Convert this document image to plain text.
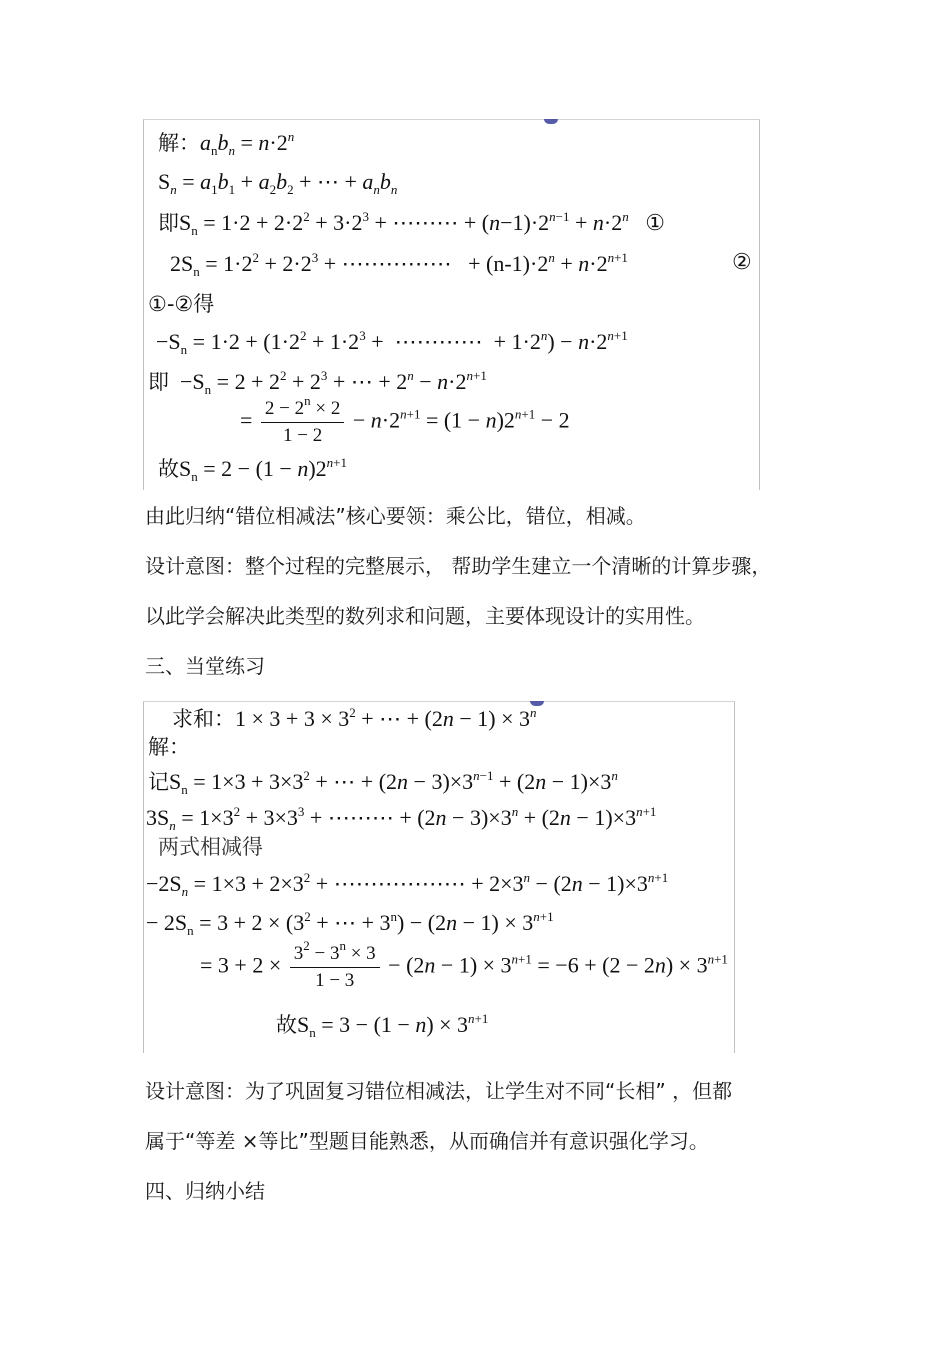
解：$a_nb_n = n\cdot 2^n$
$S_n = a_1b_1 + a_2b_2$ + ⋯ + $a_nb_n$
即$S_n = 1\cdot 2 + 2\cdot 2^2 + 3\cdot 2^3$ + ⋯⋯⋯ + $(n-1)\cdot 2^{n-1} + n\cdot 2^n$   ①
$2S_n = 1\cdot 2^2 + 2\cdot 2^3$ + ⋯⋯⋯⋯⋯   + $(n-1)\cdot 2^n + n\cdot 2^{n+1}$	②
①-②得
$-S_n = 1\cdot 2 + (1\cdot 2^2 + 1\cdot 2^3$ +  ⋯⋯⋯⋯  + $1\cdot 2^n) - n\cdot 2^{n+1}$
即  $-S_n = 2 + 2^2 + 2^3$ + ⋯ + $2^n - n\cdot 2^{n+1}$
= $\frac{2 - 2^n \times 2}{1 - 2} - n\cdot 2^{n+1} = (1 - n)2^{n+1} - 2$
故$S_n = 2 - (1 - n)2^{n+1}$
由此归纳“错位相减法”核心要领：乘公比，错位，相减。
设计意图：整个过程的完整展示， 帮助学生建立一个清晰的计算步骤，
以此学会解决此类型的数列求和问题，主要体现设计的实用性。
三、当堂练习
求和：$1 \times 3 + 3 \times 3^2$ + ⋯ + $(2n - 1) \times 3^n$
解：
记$S_n = 1\times 3 + 3\times 3^2$ + ⋯ + $(2n - 3)\times 3^{n-1} + (2n - 1)\times 3^n$
$3S_n = 1\times 3^2 + 3\times 3^3$ + ⋯⋯⋯ + $(2n - 3)\times 3^n + (2n - 1)\times 3^{n+1}$
两式相减得
$-2S_n = 1\times 3 + 2\times 3^2$ + ⋯⋯⋯⋯⋯⋯ + $2\times 3^n - (2n - 1)\times 3^{n+1}$
− $2S_n = 3 + 2 \times (3^2$ + ⋯ + $3^n) - (2n - 1) \times 3^{n+1}$
= $3 + 2 \times \frac{3^2 - 3^n \times 3}{1 - 3} - (2n - 1) \times 3^{n+1} = -6 + (2 - 2n) \times 3^{n+1}$
故$S_n = 3 - (1 - n) \times 3^{n+1}$
设计意图：为了巩固复习错位相减法，让学生对不同“长相” ，但都
属于“等差 ×等比”型题目能熟悉，从而确信并有意识强化学习。
四、归纳小结
